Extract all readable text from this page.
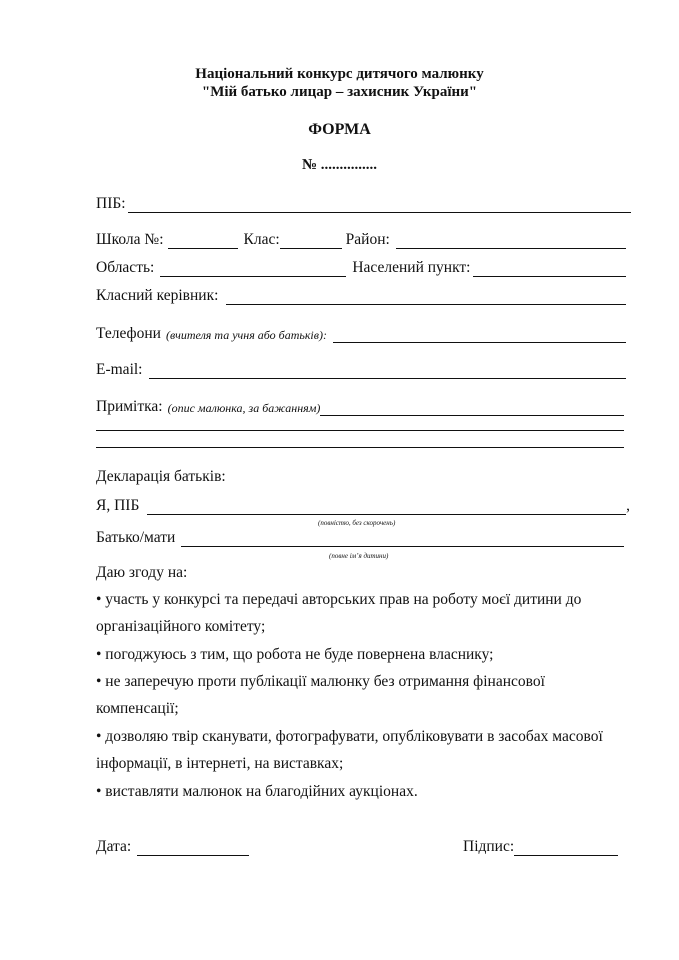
Національний конкурс дитячого малюнку
"Мій батько лицар – захисник України"
ФОРМА
№ ...............
ПІБ:
Школа №:	Клас:	Район:
Область:	Населений пункт:
Класний керівник:
Телефони (вчителя та учня або батьків):
E-mail:
Примітка: (опис малюнка, за бажанням)
Декларація батьків:
Я, ПІБ	,
(повністю, без скорочень)
Батько/мати
(повне ім’я дитини)
Даю згоду на:
• участь у конкурсі та передачі авторських прав на роботу моєї дитини до
організаційного комітету;
• погоджуюсь з тим, що робота не буде повернена власнику;
• не заперечую проти публікації малюнку без отримання фінансової
компенсації;
• дозволяю твір сканувати, фотографувати, опубліковувати в засобах масової
інформації, в інтернеті, на виставках;
• виставляти малюнок на благодійних аукціонах.
Дата:	Підпис:
